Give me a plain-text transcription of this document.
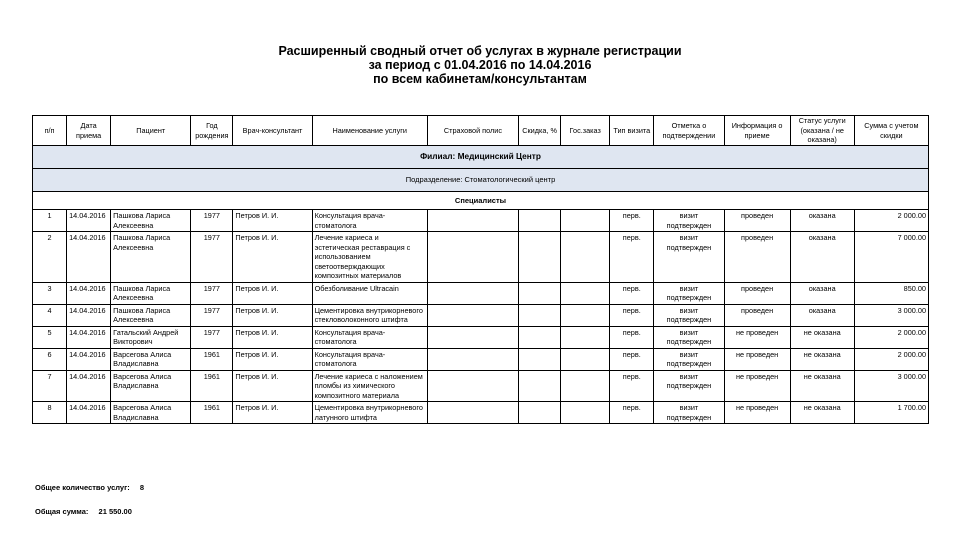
Расширенный сводный отчет об услугах в журнале регистрации
за период с 01.04.2016 по 14.04.2016
по всем кабинетам/консультантам
п/п	Дата приема	Пациент	Год рождения	Врач-консультант	Наименование услуги	Страховой полис	Скидка, %	Гос.заказ	Тип визита	Отметка о подтверждении	Информация о приеме	Статус услуги (оказана / не оказана)	Сумма с учетом скидки
Филиал: Медицинский Центр													
Подразделение: Стоматологический центр													
Специалисты													
1	14.04.2016	Пашкова Лариса Алексеевна	1977	Петров И. И.	Консультация врача-стоматолога				перв.	визит подтвержден	проведен	оказана	2 000.00
2	14.04.2016	Пашкова Лариса Алексеевна	1977	Петров И. И.	Лечение кариеса и эстетическая реставрация с использованием светоотверждающих композитных материалов				перв.	визит подтвержден	проведен	оказана	7 000.00
3	14.04.2016	Пашкова Лариса Алексеевна	1977	Петров И. И.	Обезболивание Ultracain				перв.	визит подтвержден	проведен	оказана	850.00
4	14.04.2016	Пашкова Лариса Алексеевна	1977	Петров И. И.	Цементировка внутрикорневого стекловолоконного штифта				перв.	визит подтвержден	проведен	оказана	3 000.00
5	14.04.2016	Гатальский Андрей Викторович	1977	Петров И. И.	Консультация врача-стоматолога				перв.	визит подтвержден	не проведен	не оказана	2 000.00
6	14.04.2016	Варсегова Алиса Владиславна	1961	Петров И. И.	Консультация врача-стоматолога				перв.	визит подтвержден	не проведен	не оказана	2 000.00
7	14.04.2016	Варсегова Алиса Владиславна	1961	Петров И. И.	Лечение кариеса с наложением пломбы из химического композитного материала				перв.	визит подтвержден	не проведен	не оказана	3 000.00
8	14.04.2016	Варсегова Алиса Владиславна	1961	Петров И. И.	Цементировка внутрикорневого латунного штифта				перв.	визит подтвержден	не проведен	не оказана	1 700.00
Общее количество услуг: 8
Общая сумма: 21 550.00
